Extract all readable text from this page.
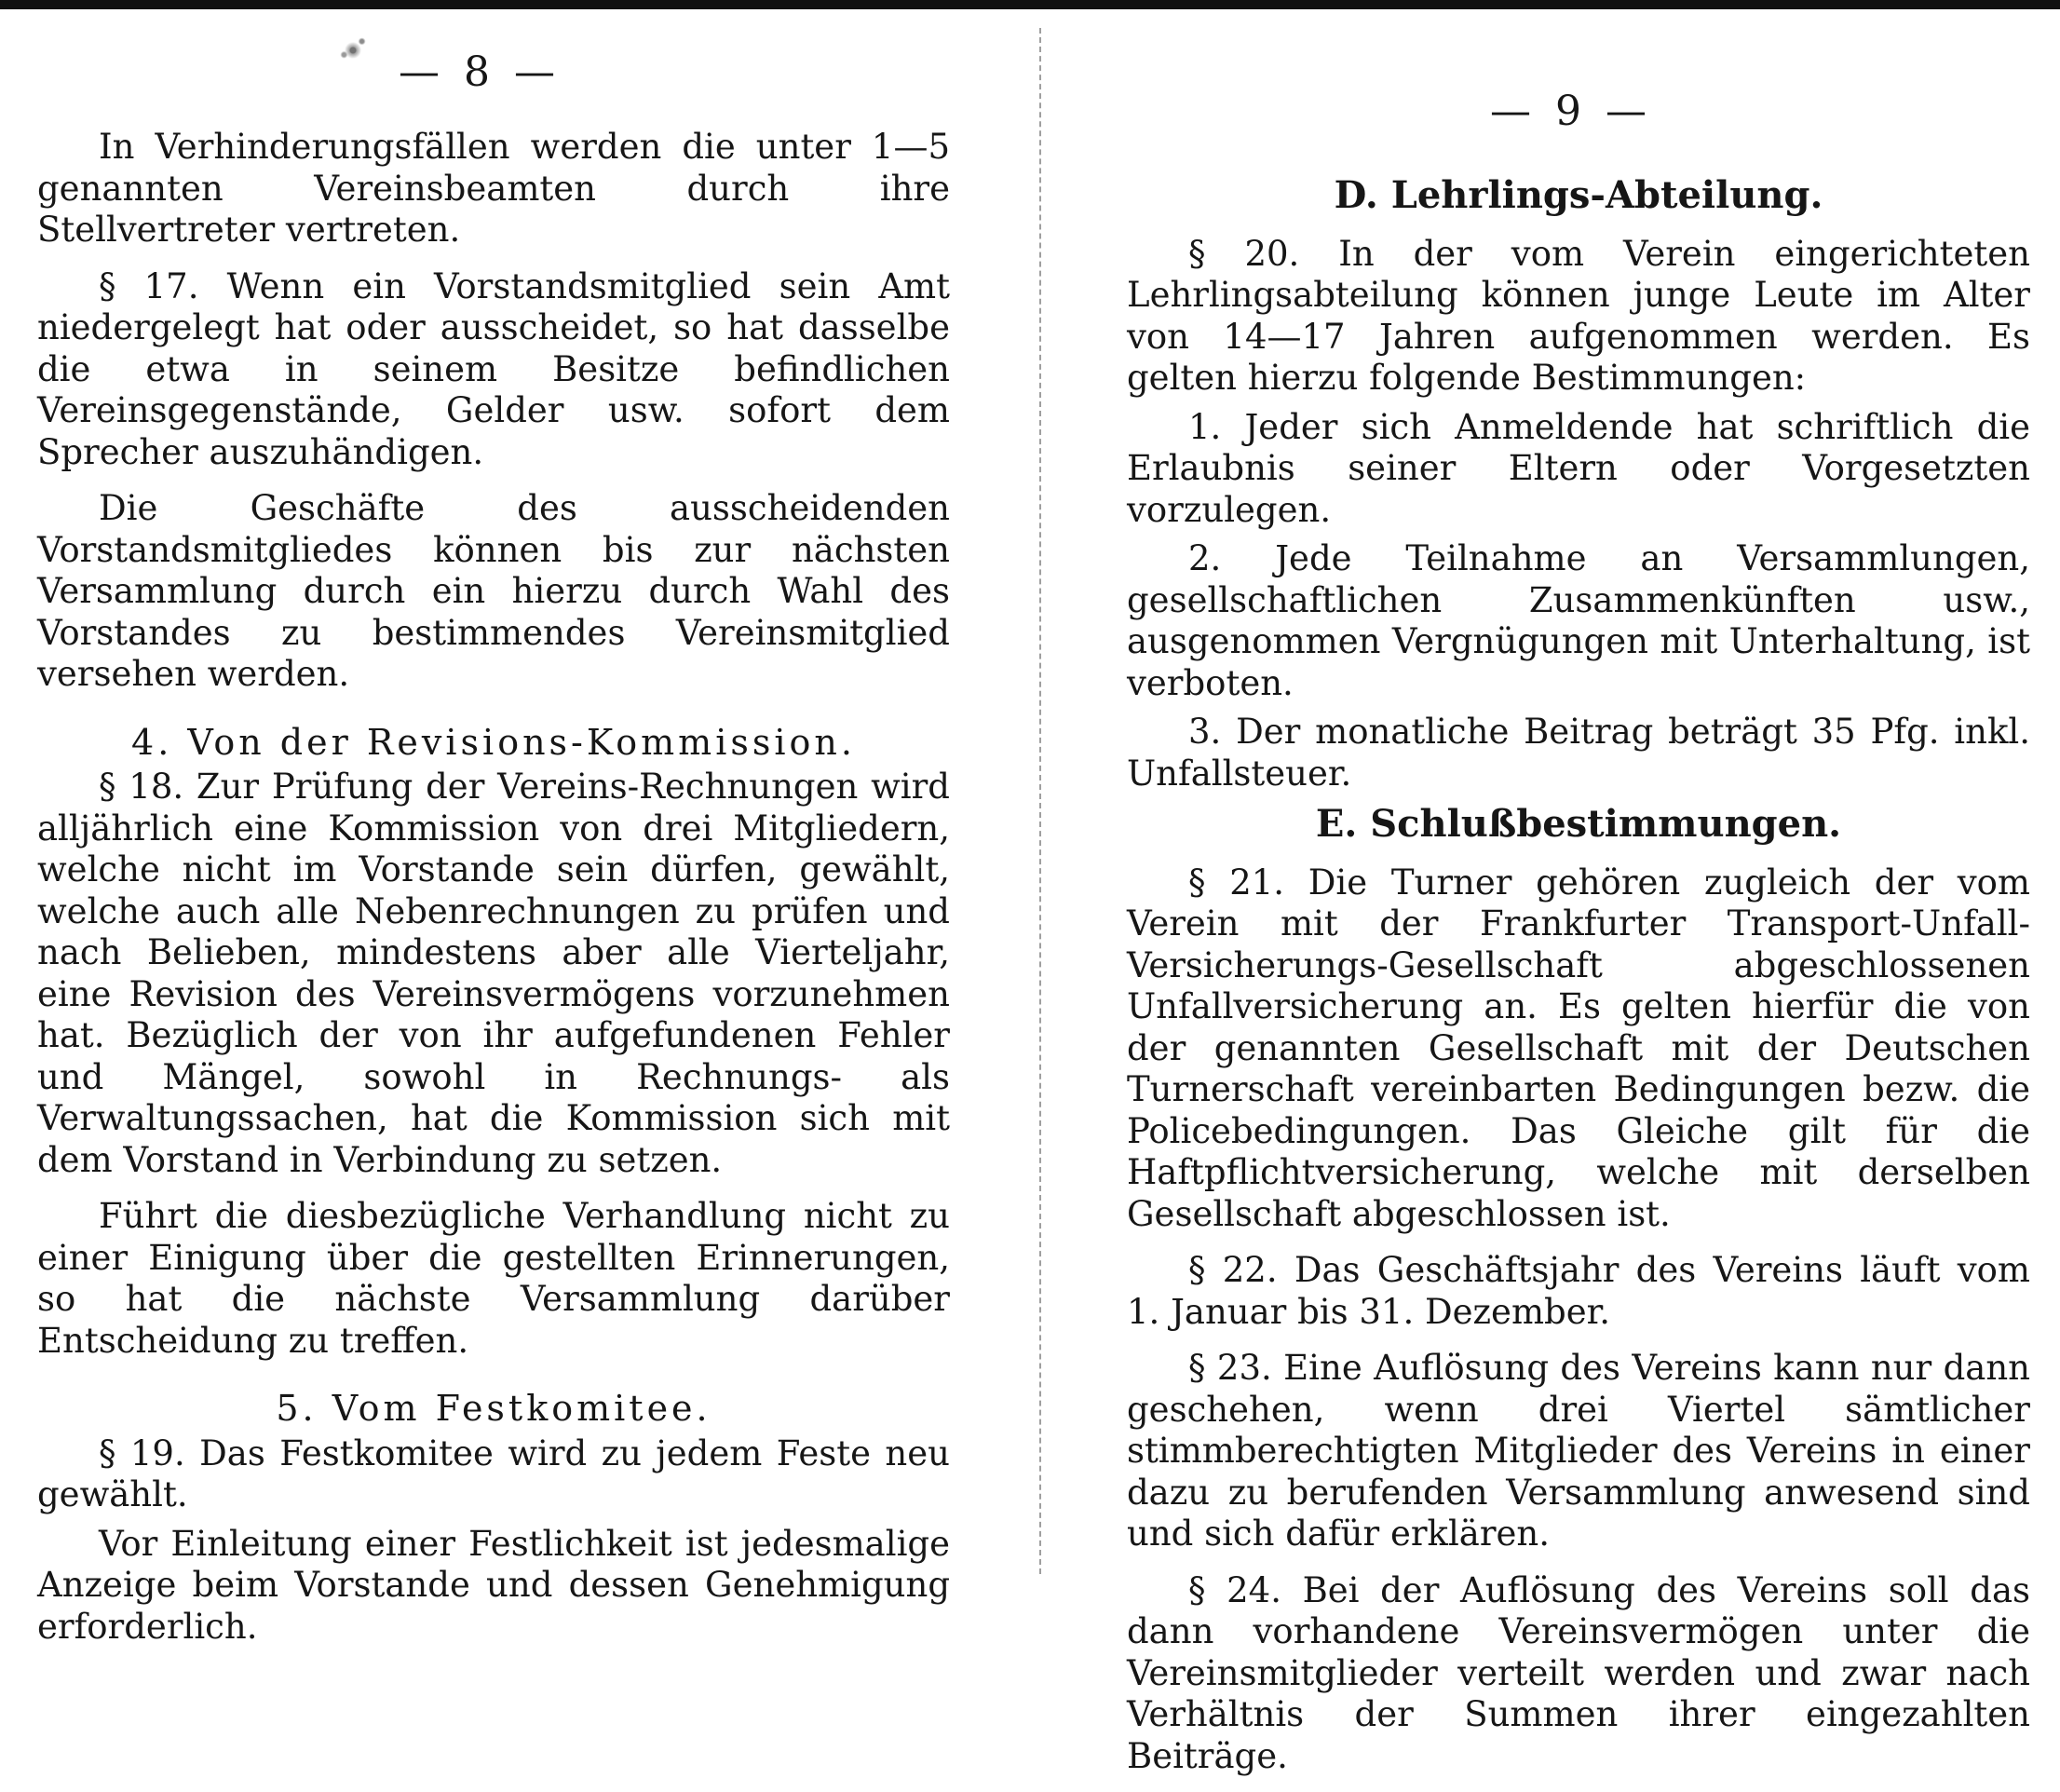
— 8 —

In Verhinderungsfällen werden die unter 1—5 genannten Vereinsbeamten durch ihre Stellvertreter vertreten.

§ 17. Wenn ein Vorstandsmitglied sein Amt niedergelegt hat oder ausscheidet, so hat dasselbe die etwa in seinem Besitze befindlichen Vereinsgegenstände, Gelder usw. sofort dem Sprecher auszuhändigen.

Die Geschäfte des ausscheidenden Vorstandsmitgliedes können bis zur nächsten Versammlung durch ein hierzu durch Wahl des Vorstandes zu bestimmendes Vereinsmitglied versehen werden.

4. Von der Revisions-Kommission.

§ 18. Zur Prüfung der Vereins-Rechnungen wird alljährlich eine Kommission von drei Mitgliedern, welche nicht im Vorstande sein dürfen, gewählt, welche auch alle Nebenrechnungen zu prüfen und nach Belieben, mindestens aber alle Vierteljahr, eine Revision des Vereinsvermögens vorzunehmen hat. Bezüglich der von ihr aufgefundenen Fehler und Mängel, sowohl in Rechnungs- als Verwaltungssachen, hat die Kommission sich mit dem Vorstand in Verbindung zu setzen.

Führt die diesbezügliche Verhandlung nicht zu einer Einigung über die gestellten Erinnerungen, so hat die nächste Versammlung darüber Entscheidung zu treffen.

5. Vom Festkomitee.

§ 19. Das Festkomitee wird zu jedem Feste neu gewählt.

Vor Einleitung einer Festlichkeit ist jedesmalige Anzeige beim Vorstande und dessen Genehmigung erforderlich.

— 9 —
D. Lehrlings-Abteilung.

§ 20. In der vom Verein eingerichteten Lehrlingsabteilung können junge Leute im Alter von 14—17 Jahren aufgenommen werden. Es gelten hierzu folgende Bestimmungen:

1. Jeder sich Anmeldende hat schriftlich die Erlaubnis seiner Eltern oder Vorgesetzten vorzulegen.

2. Jede Teilnahme an Versammlungen, gesellschaftlichen Zusammenkünften usw., ausgenommen Vergnügungen mit Unterhaltung, ist verboten.

3. Der monatliche Beitrag beträgt 35 Pfg. inkl. Unfallsteuer.

E. Schlußbestimmungen.

§ 21. Die Turner gehören zugleich der vom Verein mit der Frankfurter Transport-Unfall-Versicherungs-Gesellschaft abgeschlossenen Unfallversicherung an. Es gelten hierfür die von der genannten Gesellschaft mit der Deutschen Turnerschaft vereinbarten Bedingungen bezw. die Policebedingungen. Das Gleiche gilt für die Haftpflichtversicherung, welche mit derselben Gesellschaft abgeschlossen ist.

§ 22. Das Geschäftsjahr des Vereins läuft vom 1. Januar bis 31. Dezember.

§ 23. Eine Auflösung des Vereins kann nur dann geschehen, wenn drei Viertel sämtlicher stimmberechtigten Mitglieder des Vereins in einer dazu zu berufenden Versammlung anwesend sind und sich dafür erklären.

§ 24. Bei der Auflösung des Vereins soll das dann vorhandene Vereinsvermögen unter die Vereinsmitglieder verteilt werden und zwar nach Verhältnis der Summen ihrer eingezahlten Beiträge.
